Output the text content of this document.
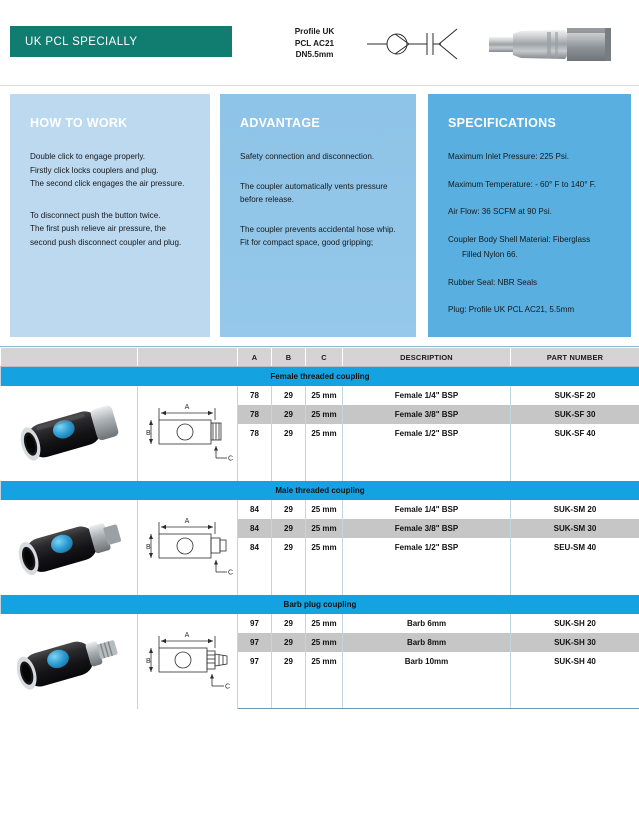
UK PCL SPECIALLY
Profile UK
PCL AC21
DN5.5mm
HOW TO WORK

Double click to engage properly.
Firstly click locks couplers and plug.
The second click engages the air pressure.

To disconnect push the button twice.
The first push relieve air pressure, the
second push disconnect coupler and plug.

ADVANTAGE

Safety connection and disconnection.

The coupler automatically vents pressure
before release.

The coupler prevents accidental hose whip.
Fit for compact space, good gripping;

SPECIFICATIONS

Maximum Inlet Pressure: 225 Psi.

Maximum Temperature: - 60° F to 140° F.

Air Flow: 36 SCFM at 90 Psi.

Coupler Body Shell Material: Fiberglass

Filled Nylon 66.

Rubber Seal: NBR Seals

Plug: Profile UK PCL AC21, 5.5mm

		A	B	C	DESCRIPTION	PART NUMBER
Female threaded coupling						

A
B
C	78	29	25 mm	Female 1/4" BSP	SUK-SF 20
		78	29	25 mm	Female 3/8" BSP	SUK-SF 30
		78	29	25 mm	Female 1/2" BSP	SUK-SF 40

Male threaded coupling						

A
B
C	84	29	25 mm	Female 1/4" BSP	SUK-SM 20
		84	29	25 mm	Female 3/8" BSP	SUK-SM 30
		84	29	25 mm	Female 1/2" BSP	SEU-SM 40

Barb plug coupling						

A
B
C	97	29	25 mm	Barb 6mm	SUK-SH 20
		97	29	25 mm	Barb 8mm	SUK-SH 30
		97	29	25 mm	Barb 10mm	SUK-SH 40
